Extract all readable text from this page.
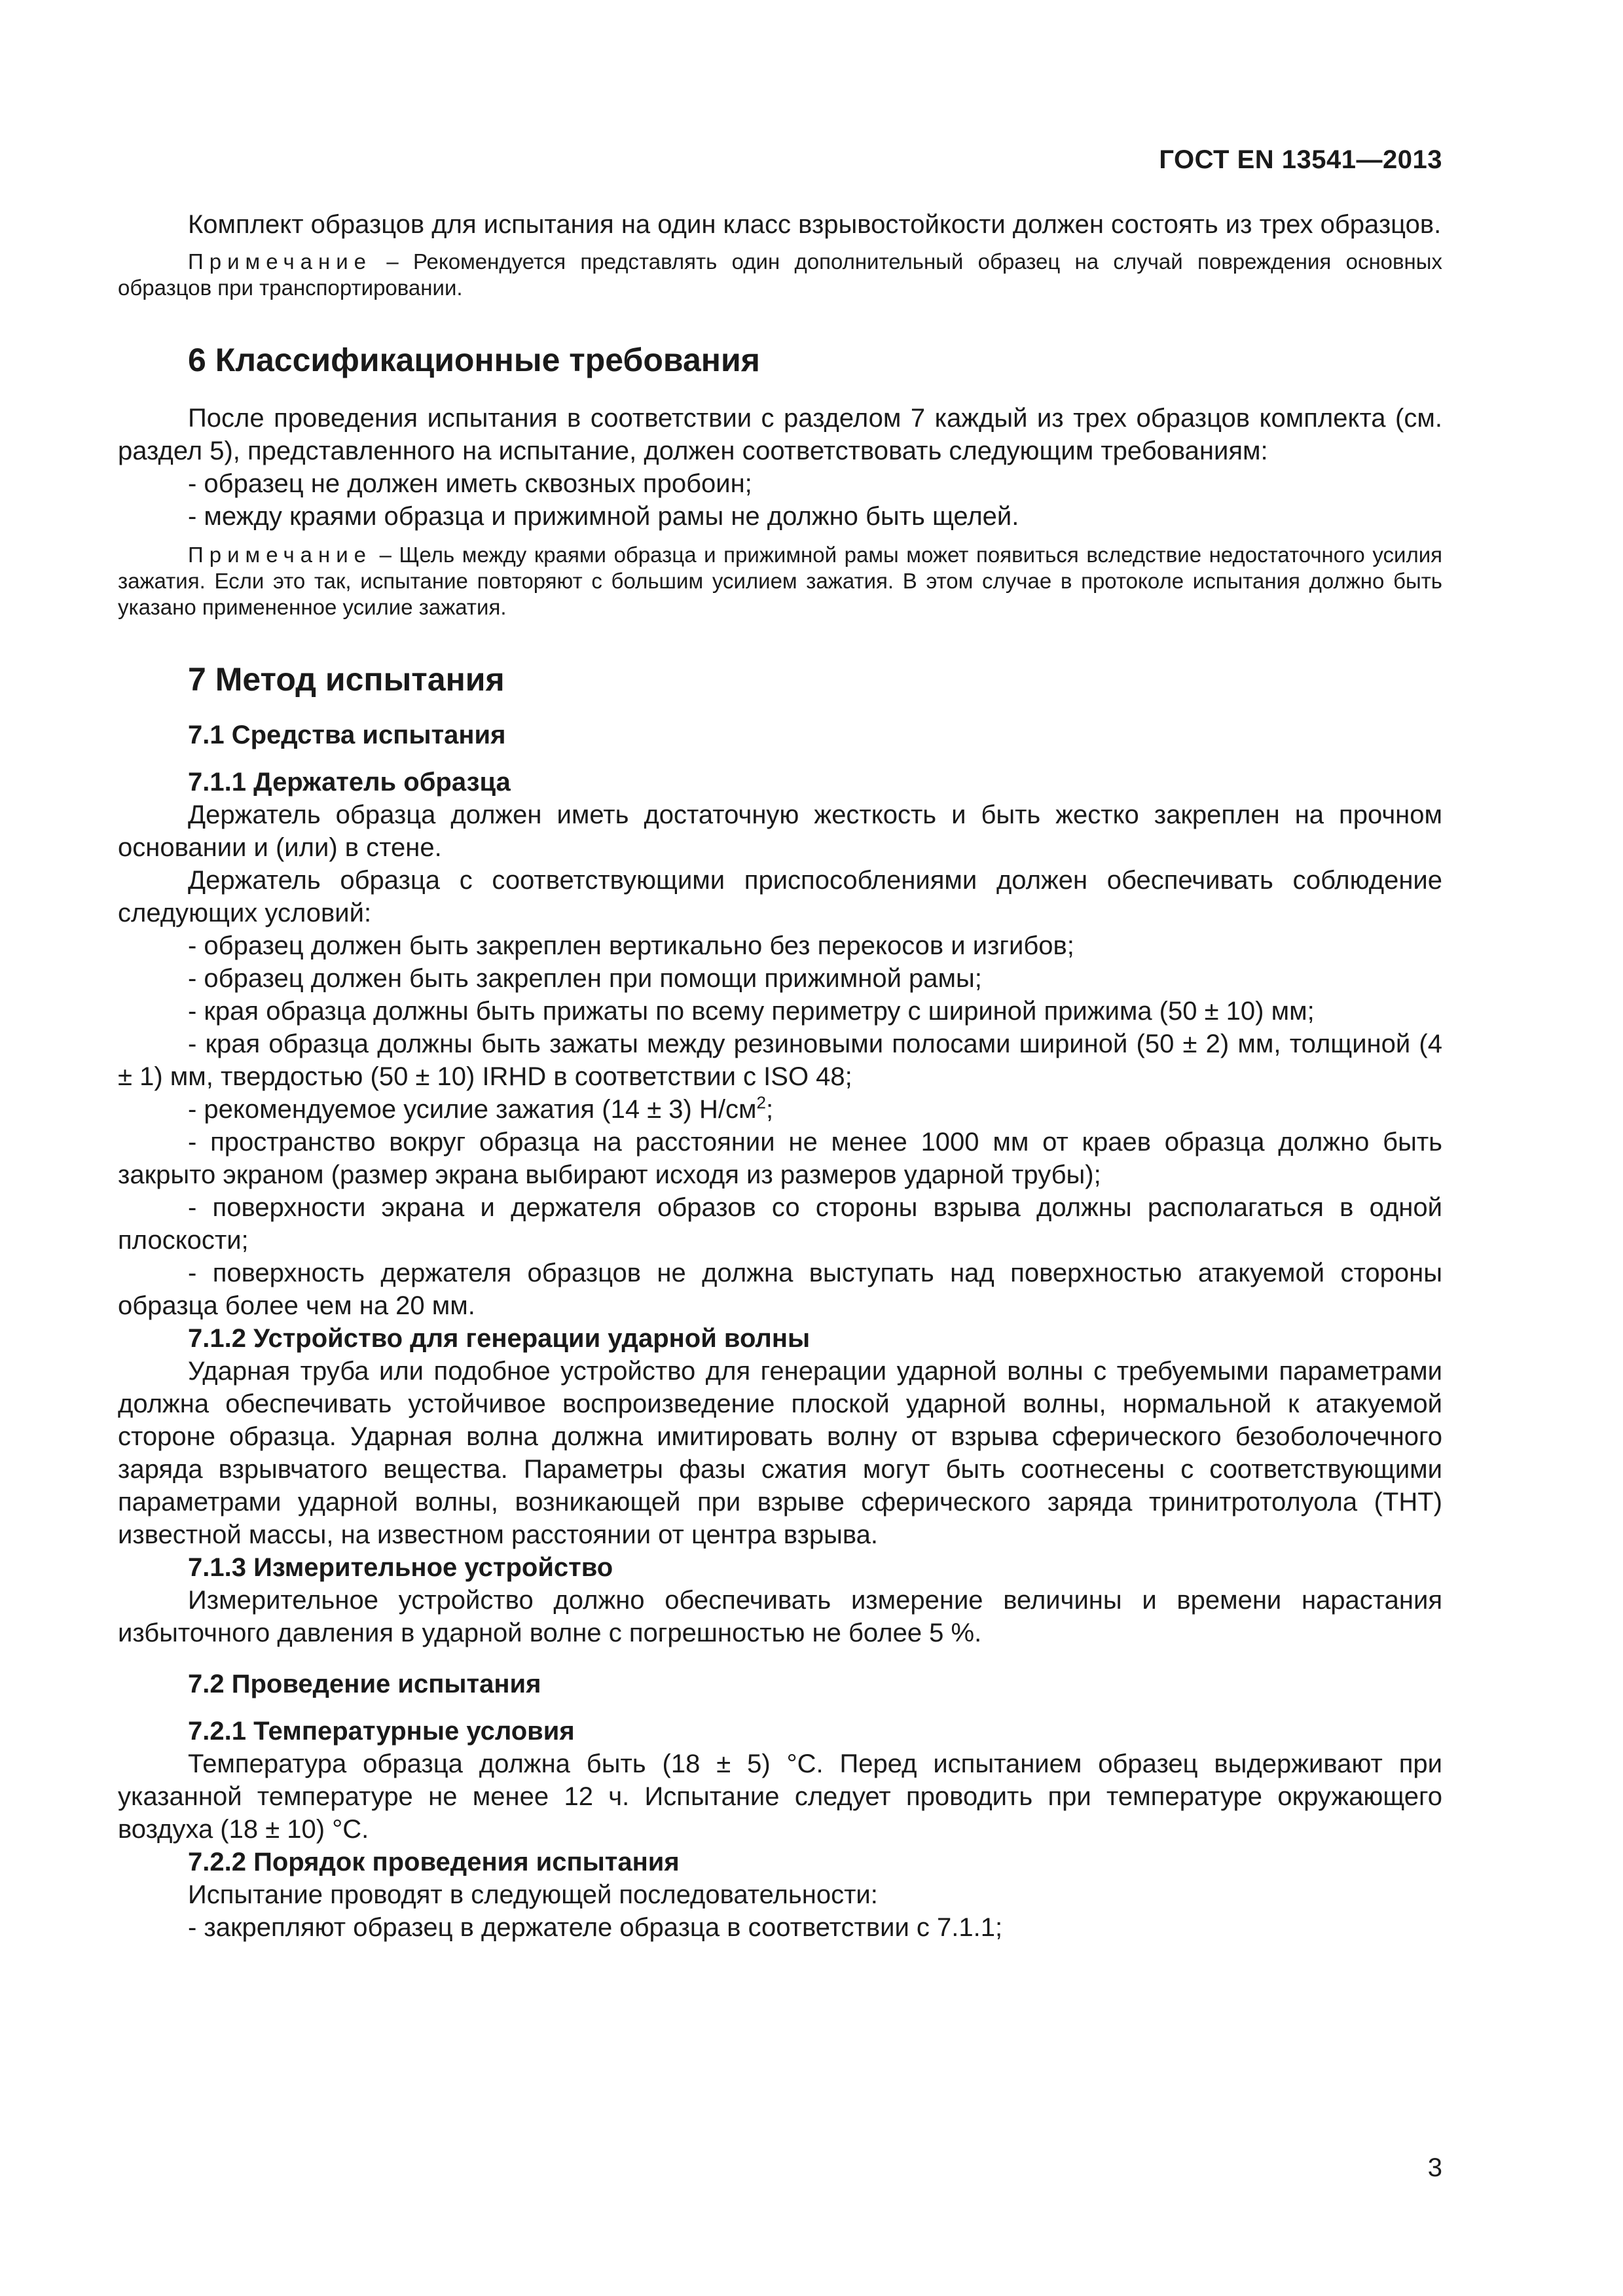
ГОСТ EN 13541—2013

Комплект образцов для испытания на один класс взрывостойкости должен состоять из трех образцов.

Примечание – Рекомендуется представлять один дополнительный образец на случай повреждения основных образцов при транспортировании.

6 Классификационные требования

После проведения испытания в соответствии с разделом 7 каждый из трех образцов комплекта (см. раздел 5), представленного на испытание, должен соответствовать следующим требованиям:

- образец не должен иметь сквозных пробоин;

- между краями образца и прижимной рамы не должно быть щелей.

Примечание – Щель между краями образца и прижимной рамы может появиться вследствие недостаточного усилия зажатия. Если это так, испытание повторяют с большим усилием зажатия. В этом случае в протоколе испытания должно быть указано примененное усилие зажатия.

7 Метод испытания
7.1 Средства испытания
7.1.1 Держатель образца

Держатель образца должен иметь достаточную жесткость и быть жестко закреплен на прочном основании и (или) в стене.

Держатель образца с соответствующими приспособлениями должен обеспечивать соблюдение следующих условий:

- образец должен быть закреплен вертикально без перекосов и изгибов;

- образец должен быть закреплен при помощи прижимной рамы;

- края образца должны быть прижаты по всему периметру с шириной прижима (50 ± 10) мм;

- края образца должны быть зажаты между резиновыми полосами шириной (50 ± 2) мм, толщиной (4 ± 1) мм, твердостью (50 ± 10) IRHD в соответствии с ISO 48;

- рекомендуемое усилие зажатия (14 ± 3) $Н/см^2$;

- пространство вокруг образца на расстоянии не менее 1000 мм от краев образца должно быть закрыто экраном (размер экрана выбирают исходя из размеров ударной трубы);

- поверхности экрана и держателя образов со стороны взрыва должны располагаться в одной плоскости;

- поверхность держателя образцов не должна выступать над поверхностью атакуемой стороны образца более чем на 20 мм.

7.1.2 Устройство для генерации ударной волны

Ударная труба или подобное устройство для генерации ударной волны с требуемыми параметрами должна обеспечивать устойчивое воспроизведение плоской ударной волны, нормальной к атакуемой стороне образца. Ударная волна должна имитировать волну от взрыва сферического безоболочечного заряда взрывчатого вещества. Параметры фазы сжатия могут быть соотнесены с соответствующими параметрами ударной волны, возникающей при взрыве сферического заряда тринитротолуола (ТНТ) известной массы, на известном расстоянии от центра взрыва.

7.1.3 Измерительное устройство

Измерительное устройство должно обеспечивать измерение величины и времени нарастания избыточного давления в ударной волне с погрешностью не более 5 %.

7.2 Проведение испытания
7.2.1 Температурные условия

Температура образца должна быть (18 ± 5) °С. Перед испытанием образец выдерживают при указанной температуре не менее 12 ч. Испытание следует проводить при температуре окружающего воздуха (18 ± 10) °С.

7.2.2 Порядок проведения испытания

Испытание проводят в следующей последовательности:

- закрепляют образец в держателе образца в соответствии с 7.1.1;

3
